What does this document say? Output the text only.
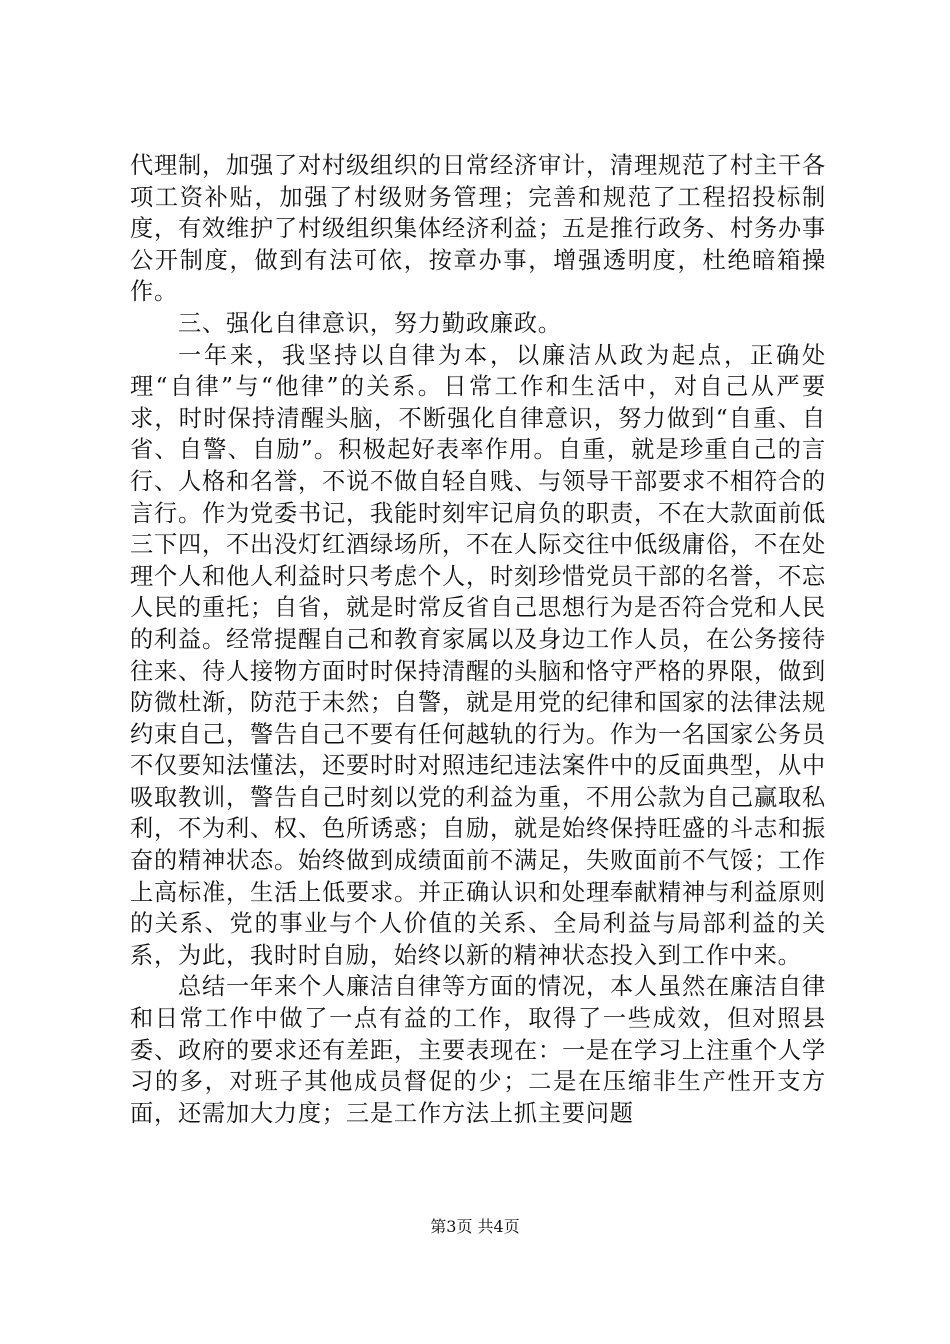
代理制，加强了对村级组织的日常经济审计，清理规范了村主干各项工资补贴，加强了村级财务管理；完善和规范了工程招投标制度，有效维护了村级组织集体经济利益；五是推行政务、村务办事公开制度，做到有法可依，按章办事，增强透明度，杜绝暗箱操作。

三、强化自律意识，努力勤政廉政。

一年来，我坚持以自律为本，以廉洁从政为起点，正确处理“自律”与“他律”的关系。日常工作和生活中，对自己从严要求，时时保持清醒头脑，不断强化自律意识，努力做到“自重、自省、自警、自励”。积极起好表率作用。自重，就是珍重自己的言行、人格和名誉，不说不做自轻自贱、与领导干部要求不相符合的言行。作为党委书记，我能时刻牢记肩负的职责，不在大款面前低三下四，不出没灯红酒绿场所，不在人际交往中低级庸俗，不在处理个人和他人利益时只考虑个人，时刻珍惜党员干部的名誉，不忘人民的重托；自省，就是时常反省自己思想行为是否符合党和人民的利益。经常提醒自己和教育家属以及身边工作人员，在公务接待往来、待人接物方面时时保持清醒的头脑和恪守严格的界限，做到防微杜渐，防范于未然；自警，就是用党的纪律和国家的法律法规约束自己，警告自己不要有任何越轨的行为。作为一名国家公务员不仅要知法懂法，还要时时对照违纪违法案件中的反面典型，从中吸取教训，警告自己时刻以党的利益为重，不用公款为自己赢取私利，不为利、权、色所诱惑；自励，就是始终保持旺盛的斗志和振奋的精神状态。始终做到成绩面前不满足，失败面前不气馁；工作上高标准，生活上低要求。并正确认识和处理奉献精神与利益原则的关系、党的事业与个人价值的关系、全局利益与局部利益的关系，为此，我时时自励，始终以新的精神状态投入到工作中来。

总结一年来个人廉洁自律等方面的情况，本人虽然在廉洁自律和日常工作中做了一点有益的工作，取得了一些成效，但对照县委、政府的要求还有差距，主要表现在：一是在学习上注重个人学习的多，对班子其他成员督促的少；二是在压缩非生产性开支方面，还需加大力度；三是工作方法上抓主要问题

第3页 共4页
